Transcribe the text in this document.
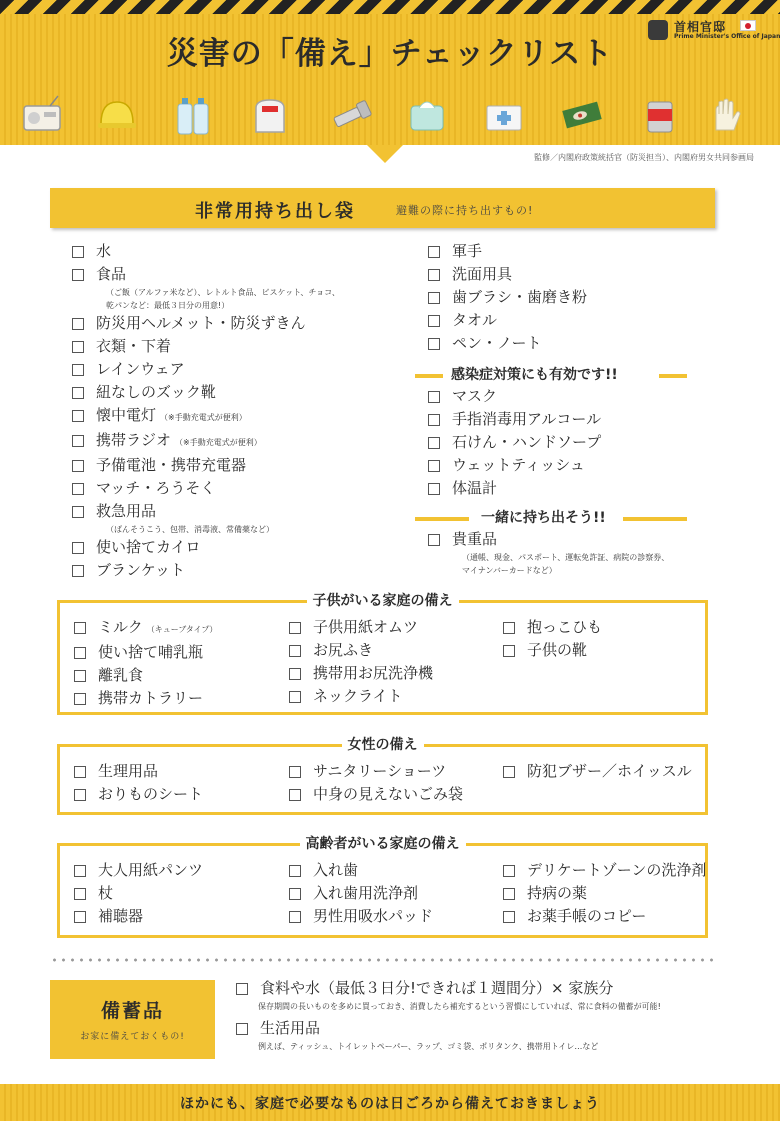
災害の「備え」チェックリスト
首相官邸
Prime Minister's Office of Japan
監修／内閣府政策統括官（防災担当）、内閣府男女共同参画局
非常用持ち出し袋	避難の際に持ち出すもの!
水
食品
（ご飯（アルファ米など）、レトルト食品、ビスケット、チョコ、
乾パンなど：最低３日分の用意!）
防災用ヘルメット・防災ずきん
衣類・下着
レインウェア
紐なしのズック靴
懐中電灯 （※手動充電式が便利）
携帯ラジオ （※手動充電式が便利）
予備電池・携帯充電器
マッチ・ろうそく
救急用品
（ばんそうこう、包帯、消毒液、常備薬など）
使い捨てカイロ
ブランケット
軍手
洗面用具
歯ブラシ・歯磨き粉
タオル
ペン・ノート
感染症対策にも有効です!!
マスク
手指消毒用アルコール
石けん・ハンドソープ
ウェットティッシュ
体温計
一緒に持ち出そう!!
貴重品
（通帳、現金、パスポート、運転免許証、病院の診察券、
マイナンバーカードなど）
子供がいる家庭の備え
ミルク （キューブタイプ）
使い捨て哺乳瓶
離乳食
携帯カトラリー
子供用紙オムツ
お尻ふき
携帯用お尻洗浄機
ネックライト
抱っこひも
子供の靴
女性の備え
生理用品
おりものシート
サニタリーショーツ
中身の見えないごみ袋
防犯ブザー／ホイッスル
高齢者がいる家庭の備え
大人用紙パンツ
杖
補聴器
入れ歯
入れ歯用洗浄剤
男性用吸水パッド
デリケートゾーンの洗浄剤
持病の薬
お薬手帳のコピー
備蓄品
お家に備えておくもの!
食料や水（最低３日分!できれば１週間分）× 家族分
保存期間の長いものを多めに買っておき、消費したら補充するという習慣にしていれば、常に食料の備蓄が可能!
生活用品
例えば、ティッシュ、トイレットペーパー、ラップ、ゴミ袋、ポリタンク、携帯用トイレ…など
ほかにも、家庭で必要なものは日ごろから備えておきましょう
